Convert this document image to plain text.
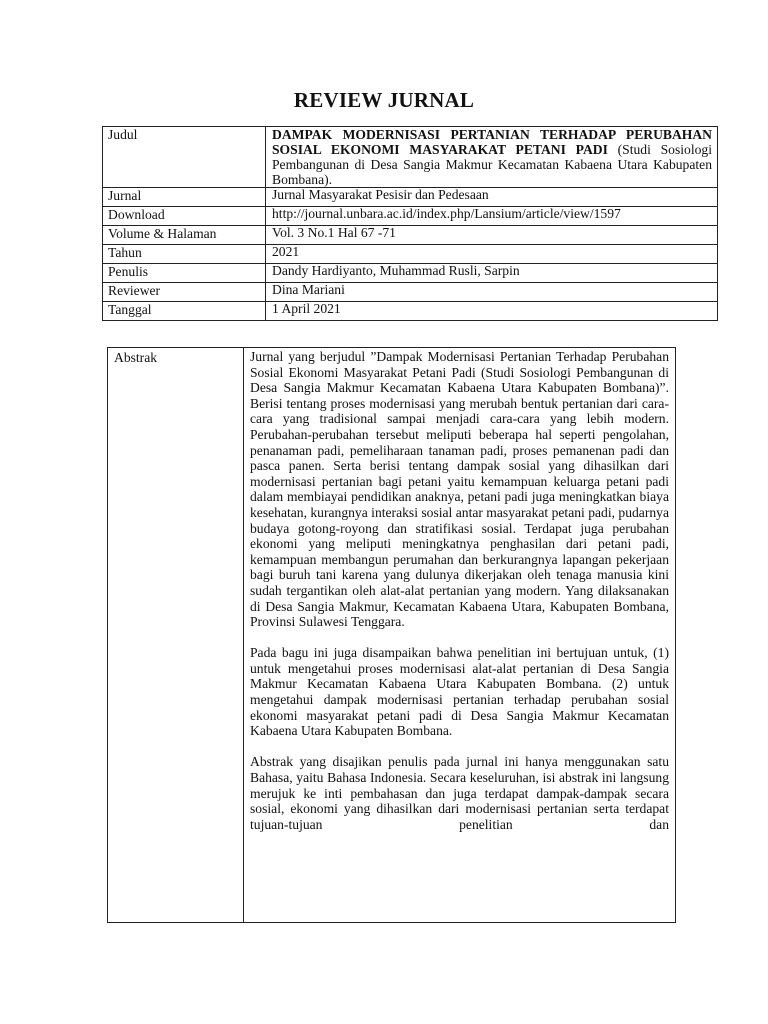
REVIEW JURNAL
Judul	DAMPAK MODERNISASI PERTANIAN TERHADAP PERUBAHAN SOSIAL EKONOMI MASYARAKAT PETANI PADI (Studi Sosiologi Pembangunan di Desa Sangia Makmur Kecamatan Kabaena Utara Kabupaten Bombana).
Jurnal	Jurnal Masyarakat Pesisir dan Pedesaan
Download	http://journal.unbara.ac.id/index.php/Lansium/article/view/1597
Volume & Halaman	Vol. 3 No.1 Hal 67 -71
Tahun	2021
Penulis	Dandy Hardiyanto, Muhammad Rusli, Sarpin
Reviewer	Dina Mariani
Tanggal	1 April 2021
Abstrak	Jurnal yang berjudul ”Dampak Modernisasi Pertanian Terhadap Perubahan Sosial Ekonomi Masyarakat Petani Padi (Studi Sosiologi Pembangunan di Desa Sangia Makmur Kecamatan Kabaena Utara Kabupaten Bombana)”. Berisi tentang proses modernisasi yang merubah bentuk pertanian dari cara-cara yang tradisional sampai menjadi cara-cara yang lebih modern. Perubahan-perubahan tersebut meliputi beberapa hal seperti pengolahan, penanaman padi, pemeliharaan tanaman padi, proses pemanenan padi dan pasca panen. Serta berisi tentang dampak sosial yang dihasilkan dari modernisasi pertanian bagi petani yaitu kemampuan keluarga petani padi dalam membiayai pendidikan anaknya, petani padi juga meningkatkan biaya kesehatan, kurangnya interaksi sosial antar masyarakat petani padi, pudarnya budaya gotong-royong dan stratifikasi sosial. Terdapat juga perubahan ekonomi yang meliputi meningkatnya penghasilan dari petani padi, kemampuan membangun perumahan dan berkurangnya lapangan pekerjaan bagi buruh tani karena yang dulunya dikerjakan oleh tenaga manusia kini sudah tergantikan oleh alat-alat pertanian yang modern. Yang dilaksanakan di Desa Sangia Makmur, Kecamatan Kabaena Utara, Kabupaten Bombana, Provinsi Sulawesi Tenggara.

Pada bagu ini juga disampaikan bahwa penelitian ini bertujuan untuk, (1) untuk mengetahui proses modernisasi alat-alat pertanian di Desa Sangia Makmur Kecamatan Kabaena Utara Kabupaten Bombana. (2) untuk mengetahui dampak modernisasi pertanian terhadap perubahan sosial ekonomi masyarakat petani padi di Desa Sangia Makmur Kecamatan Kabaena Utara Kabupaten Bombana.

Abstrak yang disajikan penulis pada jurnal ini hanya menggunakan satu Bahasa, yaitu Bahasa Indonesia. Secara keseluruhan, isi abstrak ini langsung merujuk ke inti pembahasan dan juga terdapat dampak-dampak secara sosial, ekonomi yang dihasilkan dari modernisasi pertanian serta terdapat tujuan-tujuan penelitian dan
